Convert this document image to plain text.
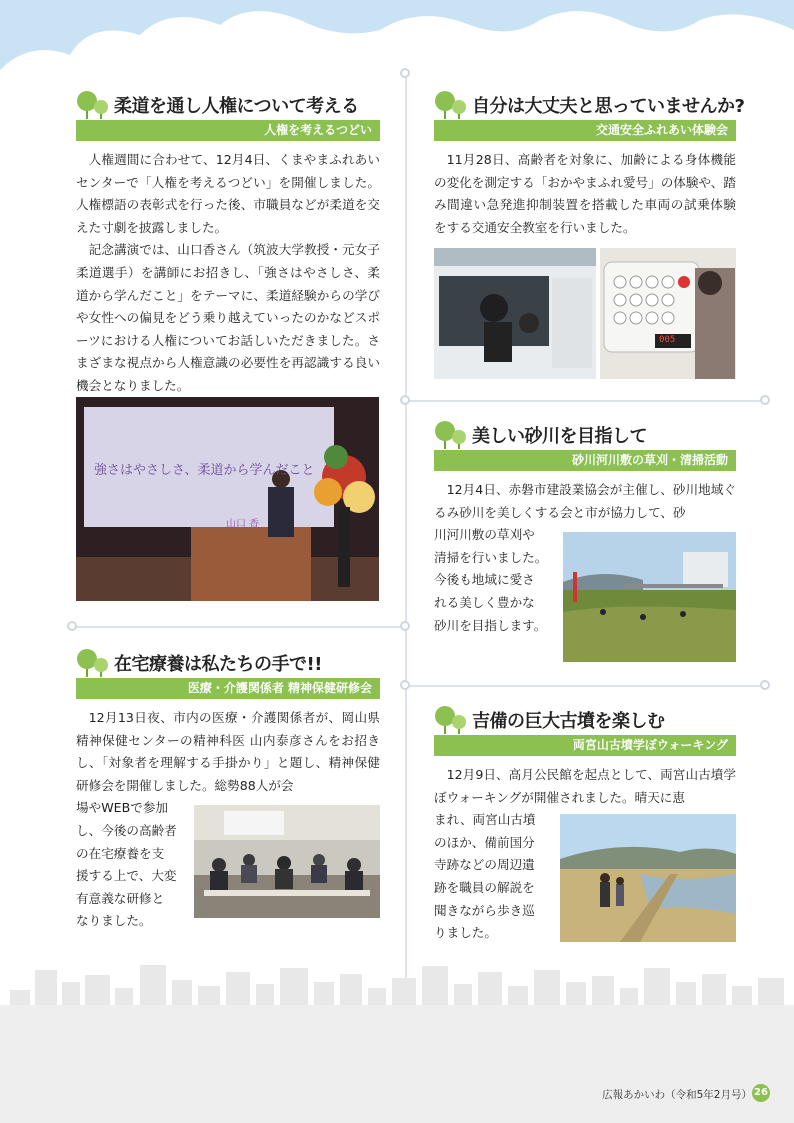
柔道を通し人権について考える
人権を考えるつどい

人権週間に合わせて、12月4日、くまやまふれあいセンターで「人権を考えるつどい」を開催しました。人権標語の表彰式を行った後、市職員などが柔道を交えた寸劇を披露しました。

記念講演では、山口香さん（筑波大学教授・元女子柔道選手）を講師にお招きし、「強さはやさしさ、柔道から学んだこと」をテーマに、柔道経験からの学びや女性への偏見をどう乗り越えていったのかなどスポーツにおける人権についてお話しいただきました。さまざまな視点から人権意識の必要性を再認識する良い機会となりました。

強さはやさしさ、柔道から学んだこと
山口 香
在宅療養は私たちの手で!!
医療・介護関係者 精神保健研修会

12月13日夜、市内の医療・介護関係者が、岡山県精神保健センターの精神科医 山内泰彦さんをお招きし、「対象者を理解する手掛かり」と題し、精神保健研修会を開催しました。総勢88人が会

場やWEBで参加
し、今後の高齢者
の在宅療養を支
援する上で、大変
有意義な研修と
なりました。
自分は大丈夫と思っていませんか?
交通安全ふれあい体験会

11月28日、高齢者を対象に、加齢による身体機能の変化を測定する「おかやまふれ愛号」の体験や、踏み間違い急発進抑制装置を搭載した車両の試乗体験をする交通安全教室を行いました。

005
美しい砂川を目指して
砂川河川敷の草刈・清掃活動

12月4日、赤磐市建設業協会が主催し、砂川地域ぐるみ砂川を美しくする会と市が協力して、砂

川河川敷の草刈や
清掃を行いました。
今後も地域に愛さ
れる美しく豊かな
砂川を目指します。
吉備の巨大古墳を楽しむ
両宮山古墳学ぼウォーキング

12月9日、高月公民館を起点として、両宮山古墳学ぼウォーキングが開催されました。晴天に恵

まれ、両宮山古墳
のほか、備前国分
寺跡などの周辺遺
跡を職員の解説を
聞きながら歩き巡
りました。
広報あかいわ（令和5年2月号） 26
